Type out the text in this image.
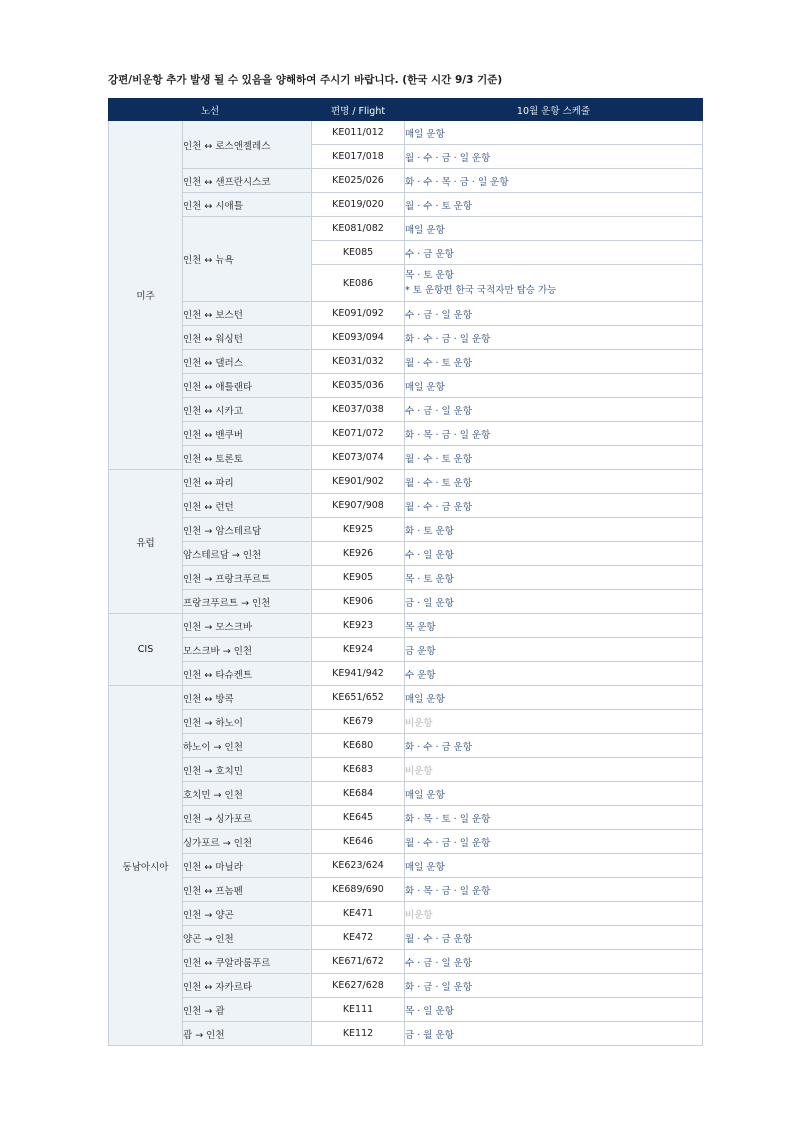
강편/비운항 추가 발생 될 수 있음을 양해하여 주시기 바랍니다. (한국 시간 9/3 기준)
노선		편명 / Flight	10월 운항 스케줄
미주	인천 ↔ 로스앤젤레스	KE011/012	매일 운항
		KE017/018	월 · 수 · 금 · 일 운항
	인천 ↔ 샌프란시스코	KE025/026	화 · 수 · 목 · 금 · 일 운항
	인천 ↔ 시애틀	KE019/020	월 · 수 · 토 운항
	인천 ↔ 뉴욕	KE081/082	매일 운항
		KE085	수 · 금 운항
		KE086	목 · 토 운항
* 토 운항편 한국 국적자만 탑승 가능

	인천 ↔ 보스턴	KE091/092	수 · 금 · 일 운항
	인천 ↔ 워싱턴	KE093/094	화 · 수 · 금 · 일 운항
	인천 ↔ 댈러스	KE031/032	월 · 수 · 토 운항
	인천 ↔ 애틀랜타	KE035/036	매일 운항
	인천 ↔ 시카고	KE037/038	수 · 금 · 일 운항
	인천 ↔ 밴쿠버	KE071/072	화 · 목 · 금 · 일 운항
	인천 ↔ 토론토	KE073/074	월 · 수 · 토 운항
유럽	인천 ↔ 파리	KE901/902	월 · 수 · 토 운항
	인천 ↔ 런던	KE907/908	월 · 수 · 금 운항
	인천 → 암스테르담	KE925	화 · 토 운항
	암스테르담 → 인천	KE926	수 · 일 운항
	인천 → 프랑크푸르트	KE905	목 · 토 운항
	프랑크푸르트 → 인천	KE906	금 · 일 운항
CIS	인천 → 모스크바	KE923	목 운항
	모스크바 → 인천	KE924	금 운항
	인천 ↔ 타슈켄트	KE941/942	수 운항
동남아시아	인천 ↔ 방콕	KE651/652	매일 운항
	인천 → 하노이	KE679	비운항
	하노이 → 인천	KE680	화 · 수 · 금 운항
	인천 → 호치민	KE683	비운항
	호치민 → 인천	KE684	매일 운항
	인천 → 싱가포르	KE645	화 · 목 · 토 · 일 운항
	싱가포르 → 인천	KE646	월 · 수 · 금 · 일 운항
	인천 ↔ 마닐라	KE623/624	매일 운항
	인천 ↔ 프놈펜	KE689/690	화 · 목 · 금 · 일 운항
	인천 → 양곤	KE471	비운항
	양곤 → 인천	KE472	월 · 수 · 금 운항
	인천 ↔ 쿠알라룸푸르	KE671/672	수 · 금 · 일 운항
	인천 ↔ 자카르타	KE627/628	화 · 금 · 일 운항
	인천 → 괌	KE111	목 · 일 운항
	괌 → 인천	KE112	금 · 월 운항
